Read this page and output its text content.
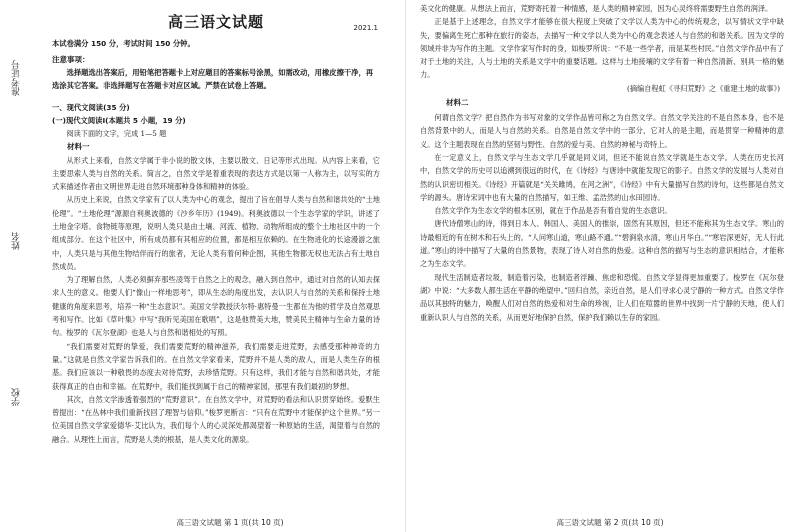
准考证号
姓名
学校
高三语文试题	2021.1
本试卷满分 150 分，考试时间 150 分钟。
注意事项：
选择题选出答案后，用铅笔把答题卡上对应题目的答案标号涂黑，如需改动，用橡皮擦干净，再选涂其它答案。非选择题写在答题卡对应区域。严禁在试卷上答题。
一、现代文阅读(35 分)
(一)现代文阅读Ⅰ(本题共 5 小题，19 分)
阅读下面的文字，完成 1—5 题
材料一

从形式上来看，自然文学属于非小说的散文体，主要以散文、日记等形式出现。从内容上来看，它主要思索人类与自然的关系。简言之，自然文学是着重表现的表达方式是以第一人称为主，以写实的方式来描述作者由文明世界走进自然环境那种身体和精神的体验。

从历史上来说，自然文学家有了以人类为中心的观念，提出了旨在倡导人类与自然和谐共处的“土地伦理”。“土地伦理”源源自利奥波德的《沙乡年历》(1949)。利奥波德以一个生态学家的学识，讲述了土地金字塔、食物链等原理，说明人类只是由土壤、河流、植物、动物所组成的整个土地社区中的一个组成部分。在这个社区中，所有成员都有其相应的位置，都是相互依赖的。在生物进化的长途漫游之旅中，人类只是与其他生物结伴而行的旅者，无论人类有着何种企图，其他生物都无权也无法占有土地自然成员。

为了理解自然，人类必须摒弃那些凌驾于自然之上的观念，融入到自然中，通过对自然的认知去探求人生的意义。他要人们“像山一样地思考”，即从生态的角度出发，去认识人与自然的关系和保持土地健康的角度来思考，培养一种“生态意识”。美国文学教授沃尔特·惠特曼一生都在为他的哲学及自然观思考和写作。比如《草叶集》中写“我听见美国在歌唱”，这是他赞美大地，赞美民主精神与生命力量的诗句。梭罗的《瓦尔登湖》也是人与自然和谐相处的写照。

“我们需要对荒野的挚爱，我们需要荒野的精神滋养，我们需要走进荒野，去感受那种神奇的力量。”这就是自然文学家告诉我们的。在自然文学家看来，荒野并不是人类的敌人，而是人类生存的根基。我们应该以一种敬畏的态度去对待荒野，去珍惜荒野。只有这样，我们才能与自然和谐共处，才能获得真正的自由和幸福。在荒野中，我们能找到属于自己的精神家园，那里有我们最初的梦想。

其次，自然文学渗透着强烈的“荒野意识”。在自然文学中，对荒野的看法和认识贯穿始终。爱默生曾提出：“在丛林中我们重新找回了理智与信仰。”梭罗更断言：“只有在荒野中才能保护这个世界。”另一位美国自然文学家爱德华·艾比认为，我们每个人的心灵深处都渴望着一种原始的生活，渴望着与自然的融合。从理性上而言，荒野是人类的根基，是人类文化的源泉。

高三语文试题 第 1 页(共 10 页)

美文化的健康。从想法上而言，荒野寄托着一种情感，是人类的精神家园，因为心灵终将需要野生自然的润泽。

正是基于上述理念，自然文学才能够在很大程度上突破了文学以人类为中心的传统观念，以写情状文学中缺失，要偏离生死亡那种在旅行的姿态，去描写一种文学以人类为中心的观念表述人与自然的和谐关系。因为文学的领域并非为写作的主题。文学作家写作时的身，如梭罗所说：“不是一些学者，而是某些村民。”自然文学作品中有了对于土地的关注，人与土地的关系是文学中的重要话题。这样与土地接壤的文学有着一种自然清新、别具一格的魅力。

(摘编自程虹《寻归荒野》之《重建土地的故事》)

材料二

何谓自然文学？把自然作为书写对象的文学作品皆可称之为自然文学。自然文学关注的不是自然本身，也不是自然背景中的人，而是人与自然的关系。自然是自然文学中的一部分，它对人的是主题，而是贯穿一种精神的意义。这个主题表现在自然的坚韧与野性、自然的爱与美、自然的神秘与奇特上。

在一定意义上，自然文学与生态文学几乎就是同义词，但还不能说自然文学就是生态文学。人类在历史长河中，自然文学的历史可以追溯到很远的时代，在《诗经》与唐诗中就能发现它的影子。自然文学的发展与人类对自然的认识密切相关。《诗经》开篇就是“关关雎鸠，在河之洲”，《诗经》中有大量描写自然的诗句，这些都是自然文学的源头。唐诗宋词中也有大量的自然描写，如王维、孟浩然的山水田园诗。

自然文学作为生态文学的根本区别，就在于作品是否有着自觉的生态意识。

唐代诗僧寒山的诗，得到日本人、韩国人、美国人的推崇，固然有其原因，但还不能称其为生态文学。寒山的诗最相近的有在树木和石头上的。“人问寒山道，寒山路不通。”“碧涧泉水清，寒山月华白。”“寒岩深更好，无人行此道。”寒山的诗中描写了大量的自然景物，表现了诗人对自然的热爱。这种自然的描写与生态的意识相结合，才能称之为生态文学。

现代生活制造者垃圾，制造着污染，也制造者浮躁、焦虑和恐慌。自然文学显得更加重要了。梭罗在《瓦尔登湖》中说：“大多数人都生活在平静的绝望中。”回归自然，亲近自然，是人们寻求心灵宁静的一种方式。自然文学作品以其独特的魅力，唤醒人们对自然的热爱和对生命的珍视，让人们在喧嚣的世界中找到一片宁静的天地，使人们重新认识人与自然的关系，从而更好地保护自然，保护我们赖以生存的家园。

高三语文试题 第 2 页(共 10 页)
